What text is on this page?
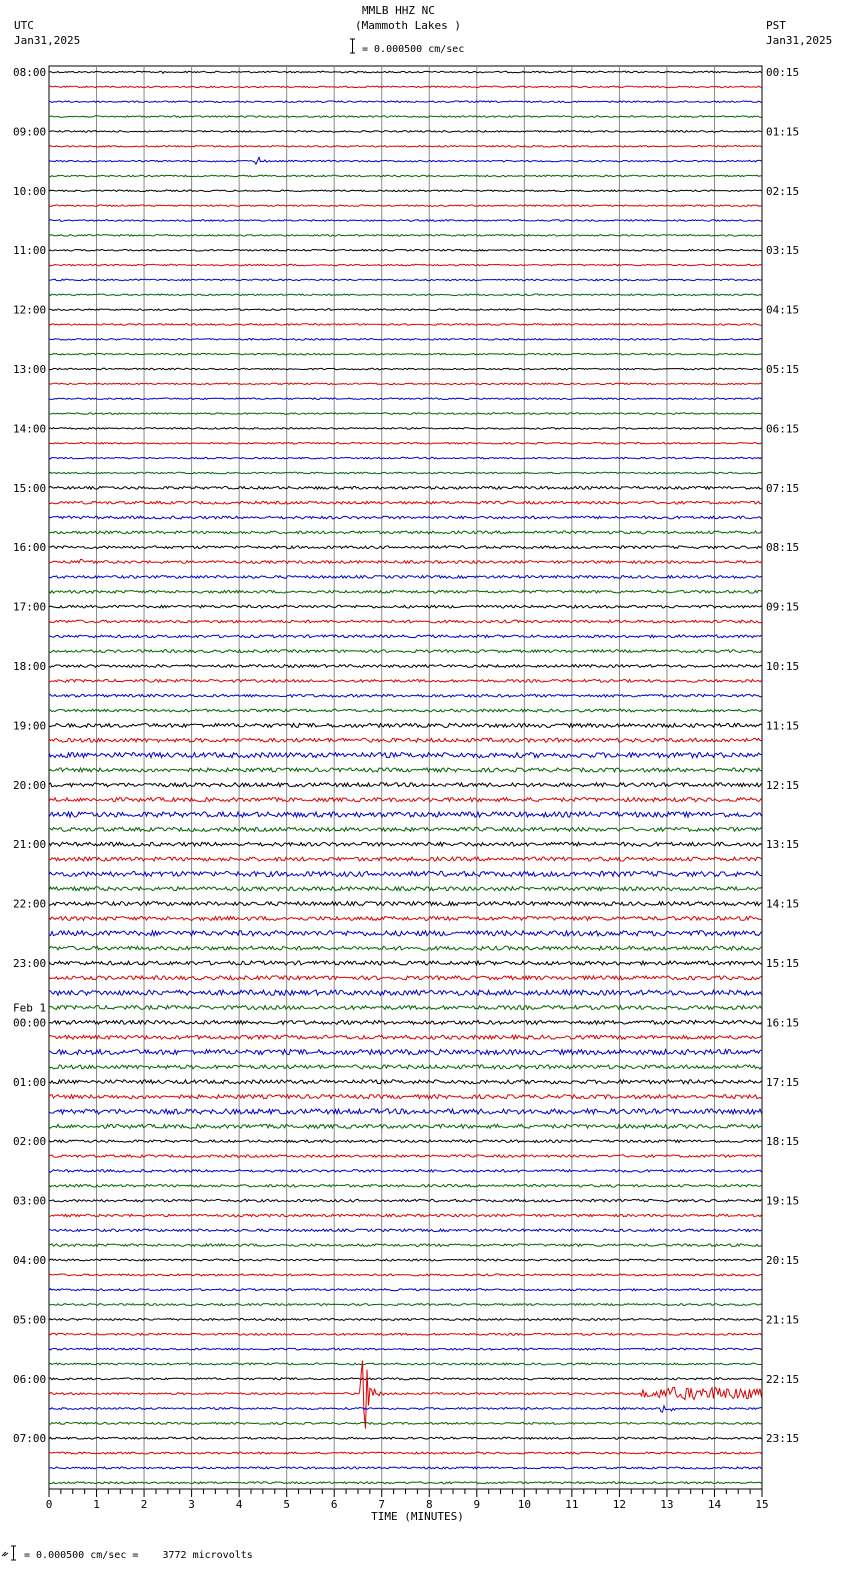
08:00
09:00
10:00
11:00
12:00
13:00
14:00
15:00
16:00
17:00
18:00
19:00
20:00
21:00
22:00
23:00
00:00
01:00
02:00
03:00
04:00
05:00
06:00
07:00
00:15
01:15
02:15
03:15
04:15
05:15
06:15
07:15
08:15
09:15
10:15
11:15
12:15
13:15
14:15
15:15
16:15
17:15
18:15
19:15
20:15
21:15
22:15
23:15
Feb 1
0	1	2	3	4	5	6	7	8	9	10	11	12	13	14	15
TIME (MINUTES)
MMLB HHZ NC
(Mammoth Lakes )
= 0.000500 cm/sec
UTC
Jan31,2025
PST
Jan31,2025
= 0.000500 cm/sec =    3772 microvolts
